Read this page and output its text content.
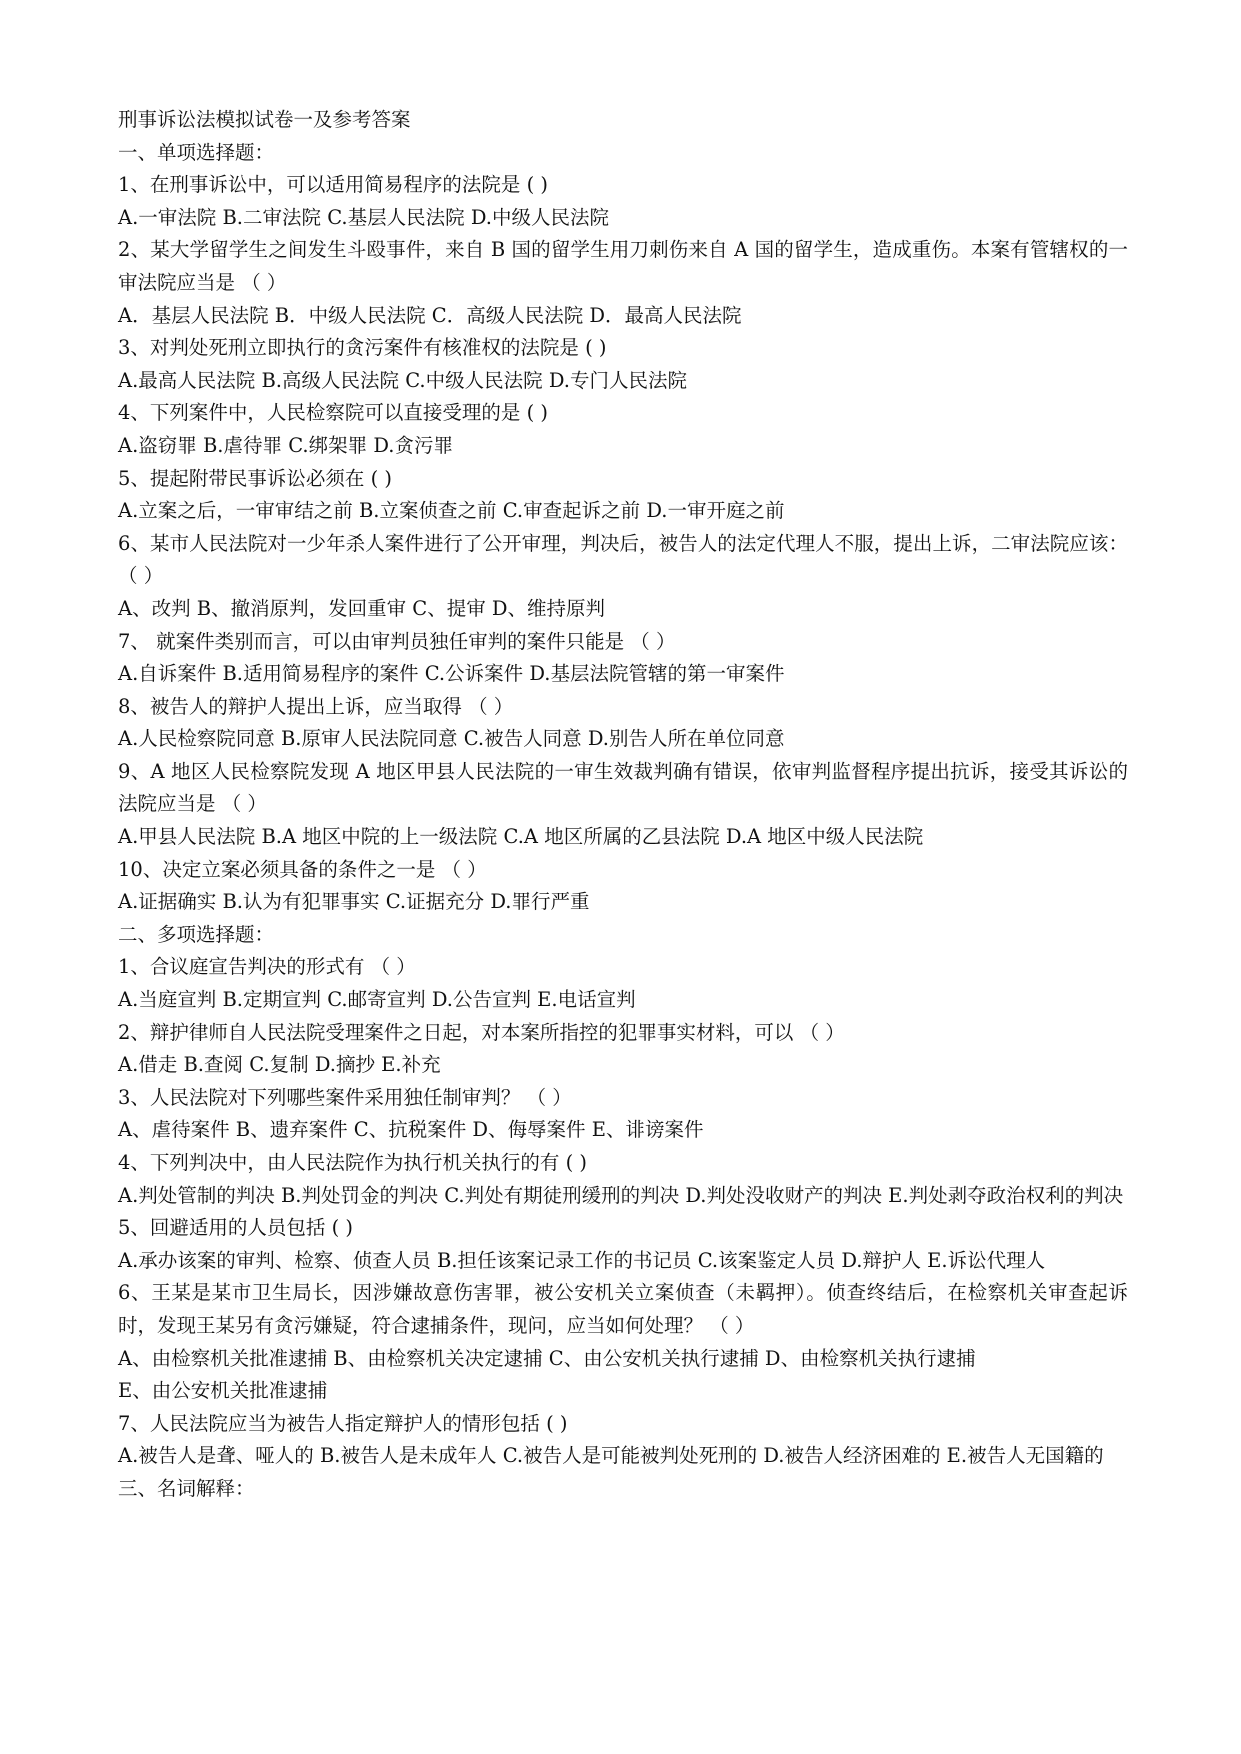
刑事诉讼法模拟试卷一及参考答案
一、单项选择题：
1、在刑事诉讼中，可以适用简易程序的法院是 ( )
A.一审法院 B.二审法院 C.基层人民法院 D.中级人民法院
2、某大学留学生之间发生斗殴事件，来自 B 国的留学生用刀刺伤来自 A 国的留学生，造成重伤。本案有管辖权的一审法院应当是 （ ）
A．基层人民法院 B．中级人民法院 C．高级人民法院 D．最高人民法院
3、对判处死刑立即执行的贪污案件有核准权的法院是 ( )
A.最高人民法院 B.高级人民法院 C.中级人民法院 D.专门人民法院
4、下列案件中，人民检察院可以直接受理的是 ( )
A.盗窃罪 B.虐待罪 C.绑架罪 D.贪污罪
5、提起附带民事诉讼必须在 ( )
A.立案之后，一审审结之前 B.立案侦查之前 C.审查起诉之前 D.一审开庭之前
6、某市人民法院对一少年杀人案件进行了公开审理，判决后，被告人的法定代理人不服，提出上诉，二审法院应该： （ ）
A、改判 B、撤消原判，发回重审 C、提审 D、维持原判
7、 就案件类别而言，可以由审判员独任审判的案件只能是 （ ）
A.自诉案件 B.适用简易程序的案件 C.公诉案件 D.基层法院管辖的第一审案件
8、被告人的辩护人提出上诉，应当取得 （ ）
A.人民检察院同意 B.原审人民法院同意 C.被告人同意 D.别告人所在单位同意
9、A 地区人民检察院发现 A 地区甲县人民法院的一审生效裁判确有错误，依审判监督程序提出抗诉，接受其诉讼的法院应当是 （ ）
A.甲县人民法院 B.A 地区中院的上一级法院 C.A 地区所属的乙县法院 D.A 地区中级人民法院
10、决定立案必须具备的条件之一是 （ ）
A.证据确实 B.认为有犯罪事实 C.证据充分 D.罪行严重
二、多项选择题：
1、合议庭宣告判决的形式有 （ ）
A.当庭宣判 B.定期宣判 C.邮寄宣判 D.公告宣判 E.电话宣判
2、辩护律师自人民法院受理案件之日起，对本案所指控的犯罪事实材料，可以 （ ）
A.借走 B.查阅 C.复制 D.摘抄 E.补充
3、人民法院对下列哪些案件采用独任制审判？ （ ）
A、虐待案件 B、遗弃案件 C、抗税案件 D、侮辱案件 E、诽谤案件
4、下列判决中，由人民法院作为执行机关执行的有 ( )
A.判处管制的判决 B.判处罚金的判决 C.判处有期徒刑缓刑的判决 D.判处没收财产的判决 E.判处剥夺政治权利的判决
5、回避适用的人员包括 ( )
A.承办该案的审判、检察、侦查人员 B.担任该案记录工作的书记员 C.该案鉴定人员 D.辩护人 E.诉讼代理人
6、王某是某市卫生局长，因涉嫌故意伤害罪，被公安机关立案侦查（未羁押）。侦查终结后，在检察机关审查起诉时，发现王某另有贪污嫌疑，符合逮捕条件，现问，应当如何处理？ （ ）
A、由检察机关批准逮捕 B、由检察机关决定逮捕 C、由公安机关执行逮捕 D、由检察机关执行逮捕
E、由公安机关批准逮捕
7、人民法院应当为被告人指定辩护人的情形包括 ( )
A.被告人是聋、哑人的 B.被告人是未成年人 C.被告人是可能被判处死刑的 D.被告人经济困难的 E.被告人无国籍的
三、名词解释：
